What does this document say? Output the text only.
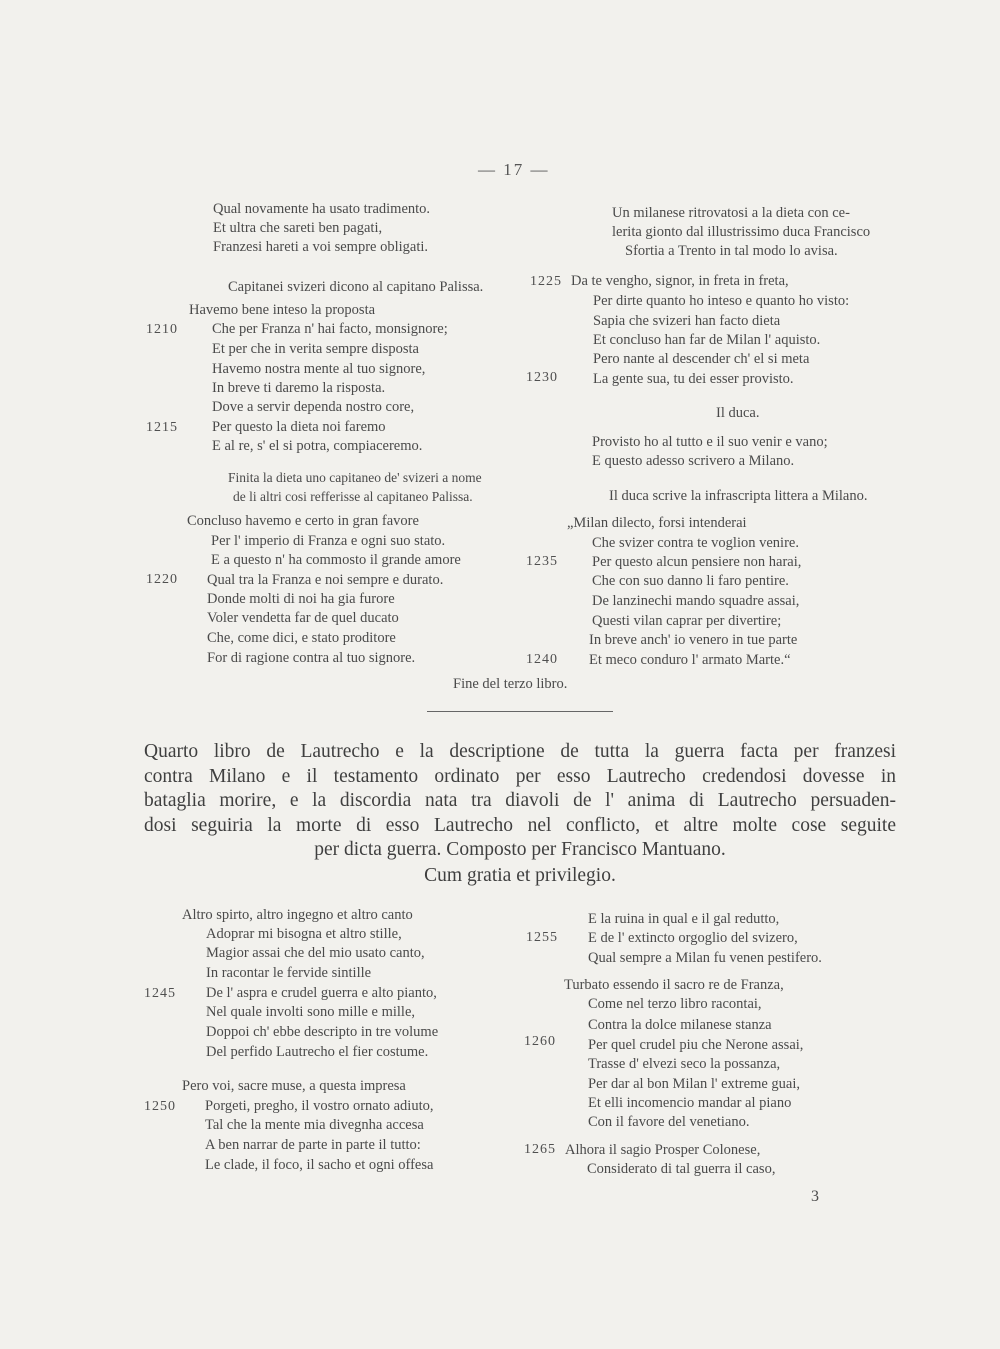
— 17 —
Qual novamente ha usato tradimento.
Et ultra che sareti ben pagati,
Franzesi hareti a voi sempre obligati.
Capitanei svizeri dicono al capitano Palissa.
Havemo bene inteso la proposta
Che per Franza n' hai facto, monsignore;
Et per che in verita sempre disposta
Havemo nostra mente al tuo signore,
In breve ti daremo la risposta.
Dove a servir dependa nostro core,
Per questo la dieta noi faremo
E al re, s' el si potra, compiaceremo.
1210
1215
Finita la dieta uno capitaneo de' svizeri a nome
de li altri cosi refferisse al capitaneo Palissa.
Concluso havemo e certo in gran favore
Per l' imperio di Franza e ogni suo stato.
E a questo n' ha commosto il grande amore
Qual tra la Franza e noi sempre e durato.
Donde molti di noi ha gia furore
Voler vendetta far de quel ducato
Che, come dici, e stato proditore
For di ragione contra al tuo signore.
1220
Un milanese ritrovatosi a la dieta con ce-
lerita gionto dal illustrissimo duca Francisco
Sfortia a Trento in tal modo lo avisa.
Da te vengho, signor, in freta in freta,
Per dirte quanto ho inteso e quanto ho visto:
Sapia che svizeri han facto dieta
Et concluso han far de Milan l' aquisto.
Pero nante al descender ch' el si meta
La gente sua, tu dei esser provisto.
1225
1230
Il duca.
Provisto ho al tutto e il suo venir e vano;
E questo adesso scrivero a Milano.
Il duca scrive la infrascripta littera a Milano.
„Milan dilecto, forsi intenderai
Che svizer contra te voglion venire.
Per questo alcun pensiere non harai,
Che con suo danno li faro pentire.
De lanzinechi mando squadre assai,
Questi vilan caprar per divertire;
In breve anch' io venero in tue parte
Et meco conduro l' armato Marte.“
1235
1240
Fine del terzo libro.
Quarto libro de Lautrecho e la descriptione de tutta la guerra facta per franzesi
contra Milano e il testamento ordinato per esso Lautrecho credendosi dovesse in
bataglia morire, e la discordia nata tra diavoli de l' anima di Lautrecho persuaden-
dosi seguiria la morte di esso Lautrecho nel conflicto, et altre molte cose seguite
per dicta guerra. Composto per Francisco Mantuano.
Cum gratia et privilegio.
Altro spirto, altro ingegno et altro canto
Adoprar mi bisogna et altro stille,
Magior assai che del mio usato canto,
In racontar le fervide sintille
De l' aspra e crudel guerra e alto pianto,
Nel quale involti sono mille e mille,
Doppoi ch' ebbe descripto in tre volume
Del perfido Lautrecho el fier costume.
1245
Pero voi, sacre muse, a questa impresa
Porgeti, pregho, il vostro ornato adiuto,
Tal che la mente mia divegnha accesa
A ben narrar de parte in parte il tutto:
Le clade, il foco, il sacho et ogni offesa
1250
E la ruina in qual e il gal redutto,
E de l' extincto orgoglio del svizero,
Qual sempre a Milan fu venen pestifero.
1255
Turbato essendo il sacro re de Franza,
Come nel terzo libro racontai,
Contra la dolce milanese stanza
Per quel crudel piu che Nerone assai,
Trasse d' elvezi seco la possanza,
Per dar al bon Milan l' extreme guai,
Et elli incomencio mandar al piano
Con il favore del venetiano.
1260
Alhora il sagio Prosper Colonese,
Considerato di tal guerra il caso,
1265
3
